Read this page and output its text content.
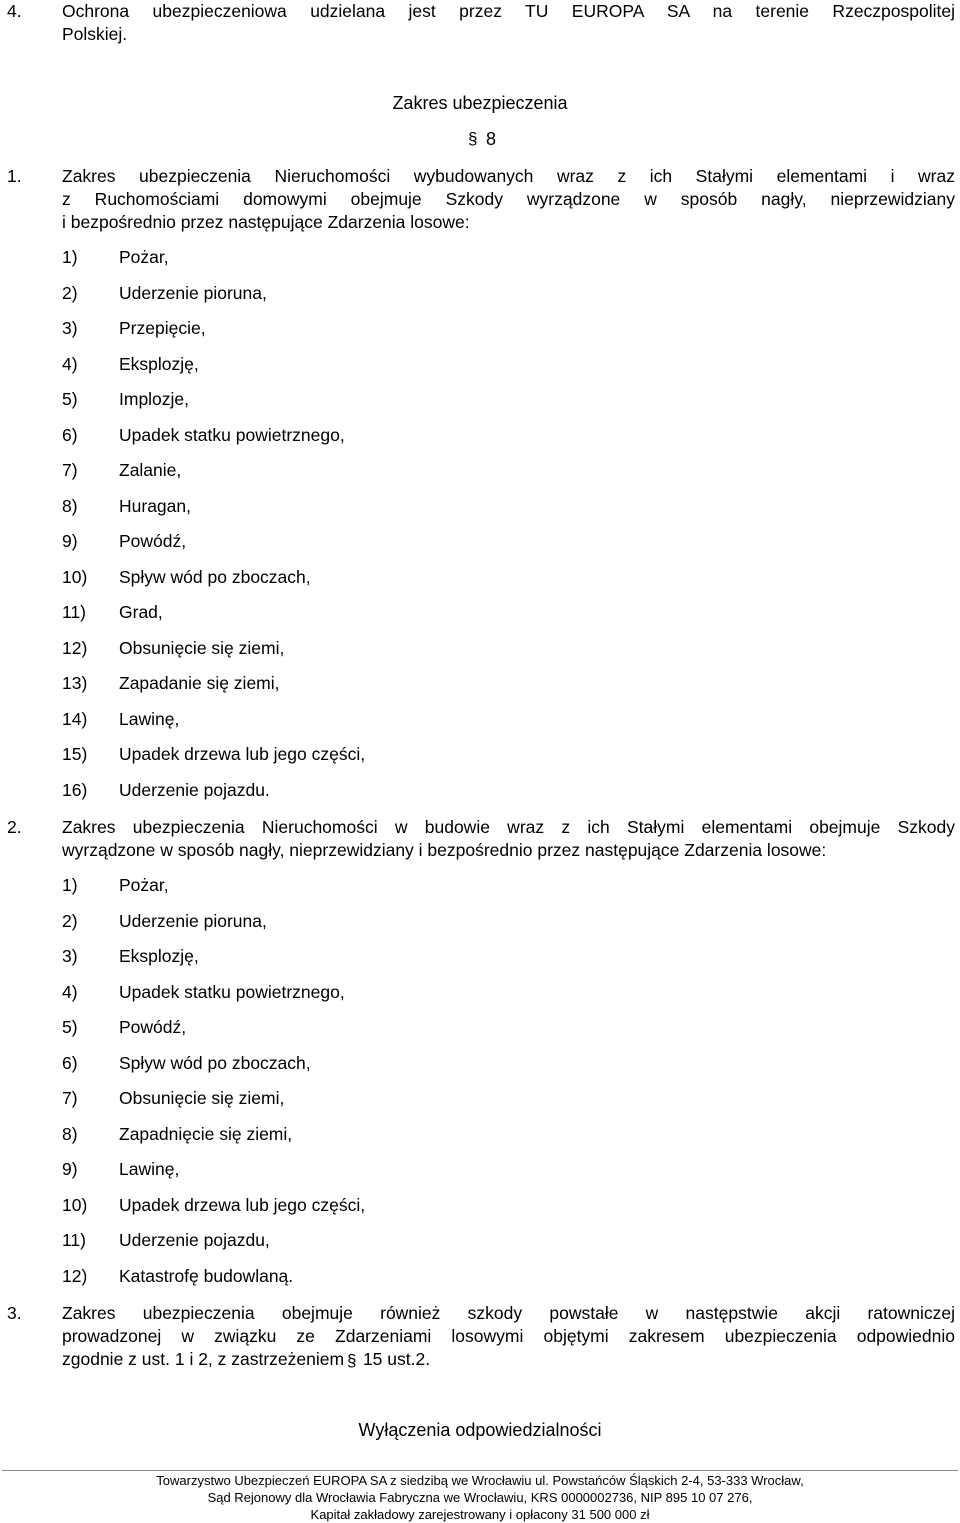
4. Ochrona ubezpieczeniowa udzielana jest przez TU EUROPA SA na terenie Rzeczpospolitej
Polskiej.
Zakres ubezpieczenia
§8
1. Zakres ubezpieczenia Nieruchomości wybudowanych wraz z ich Stałymi elementami i wraz
z Ruchomościami domowymi obejmuje Szkody wyrządzone w sposób nagły, nieprzewidziany
i bezpośrednio przez następujące Zdarzenia losowe:
1) Pożar,
2) Uderzenie pioruna,
3) Przepięcie,
4) Eksplozję,
5) Implozje,
6) Upadek statku powietrznego,
7) Zalanie,
8) Huragan,
9) Powódź,
10) Spływ wód po zboczach,
11) Grad,
12) Obsunięcie się ziemi,
13) Zapadanie się ziemi,
14) Lawinę,
15) Upadek drzewa lub jego części,
16) Uderzenie pojazdu.
2. Zakres ubezpieczenia Nieruchomości w budowie wraz z ich Stałymi elementami obejmuje Szkody
wyrządzone w sposób nagły, nieprzewidziany i bezpośrednio przez następujące Zdarzenia losowe:
1) Pożar,
2) Uderzenie pioruna,
3) Eksplozję,
4) Upadek statku powietrznego,
5) Powódź,
6) Spływ wód po zboczach,
7) Obsunięcie się ziemi,
8) Zapadnięcie się ziemi,
9) Lawinę,
10) Upadek drzewa lub jego części,
11) Uderzenie pojazdu,
12) Katastrofę budowlaną.
3. Zakres ubezpieczenia obejmuje również szkody powstałe w następstwie akcji ratowniczej
prowadzonej w związku ze Zdarzeniami losowymi objętymi zakresem ubezpieczenia odpowiednio
zgodnie z ust. 1 i 2, z zastrzeżeniem § 15 ust.2.
Wyłączenia odpowiedzialności
Towarzystwo Ubezpieczeń EUROPA SA z siedzibą we Wrocławiu ul. Powstańców Śląskich 2-4, 53-333 Wrocław,
Sąd Rejonowy dla Wrocławia Fabryczna we Wrocławiu, KRS 0000002736, NIP 895 10 07 276,
Kapitał zakładowy zarejestrowany i opłacony 31 500 000 zł
